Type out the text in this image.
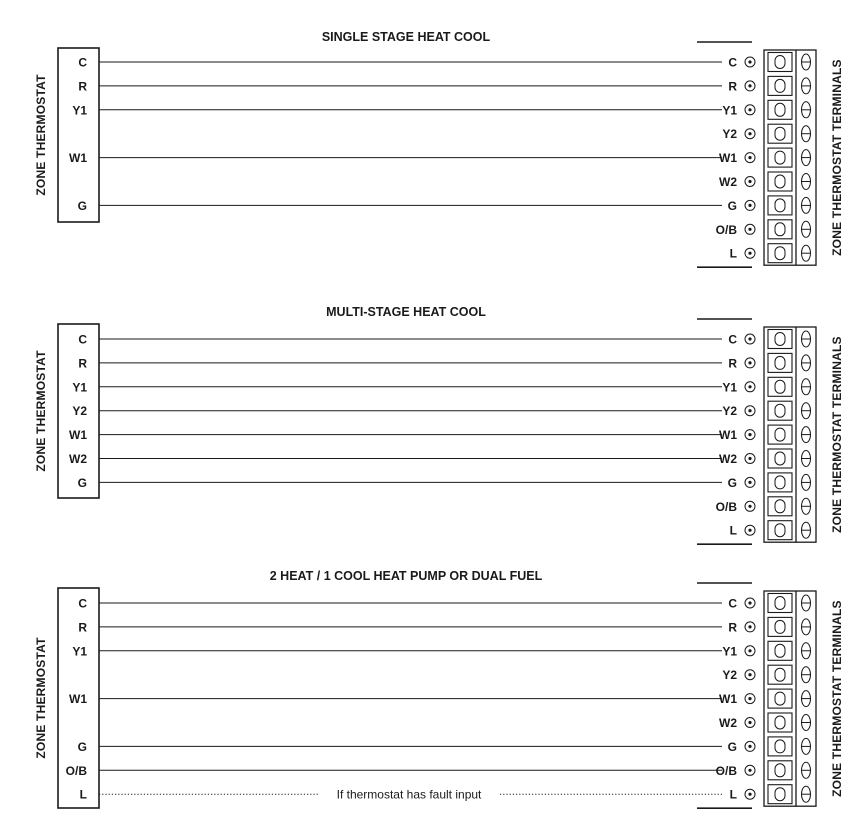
SINGLE STAGE HEAT COOL
ZONE THERMOSTAT	ZONE THERMOSTAT TERMINALS
C
R
Y1
Y2
W1
W2
G
O/B
L
C
R
Y1
W1
G
MULTI-STAGE HEAT COOL
ZONE THERMOSTAT	ZONE THERMOSTAT TERMINALS
C
R
Y1
Y2
W1
W2
G
O/B
L
C
R
Y1
Y2
W1
W2
G
2 HEAT / 1 COOL HEAT PUMP OR DUAL FUEL
ZONE THERMOSTAT	ZONE THERMOSTAT TERMINALS
C
R
Y1
Y2
W1
W2
G
O/B
L
C
R
Y1
W1
G
O/B
L	If thermostat has fault input
